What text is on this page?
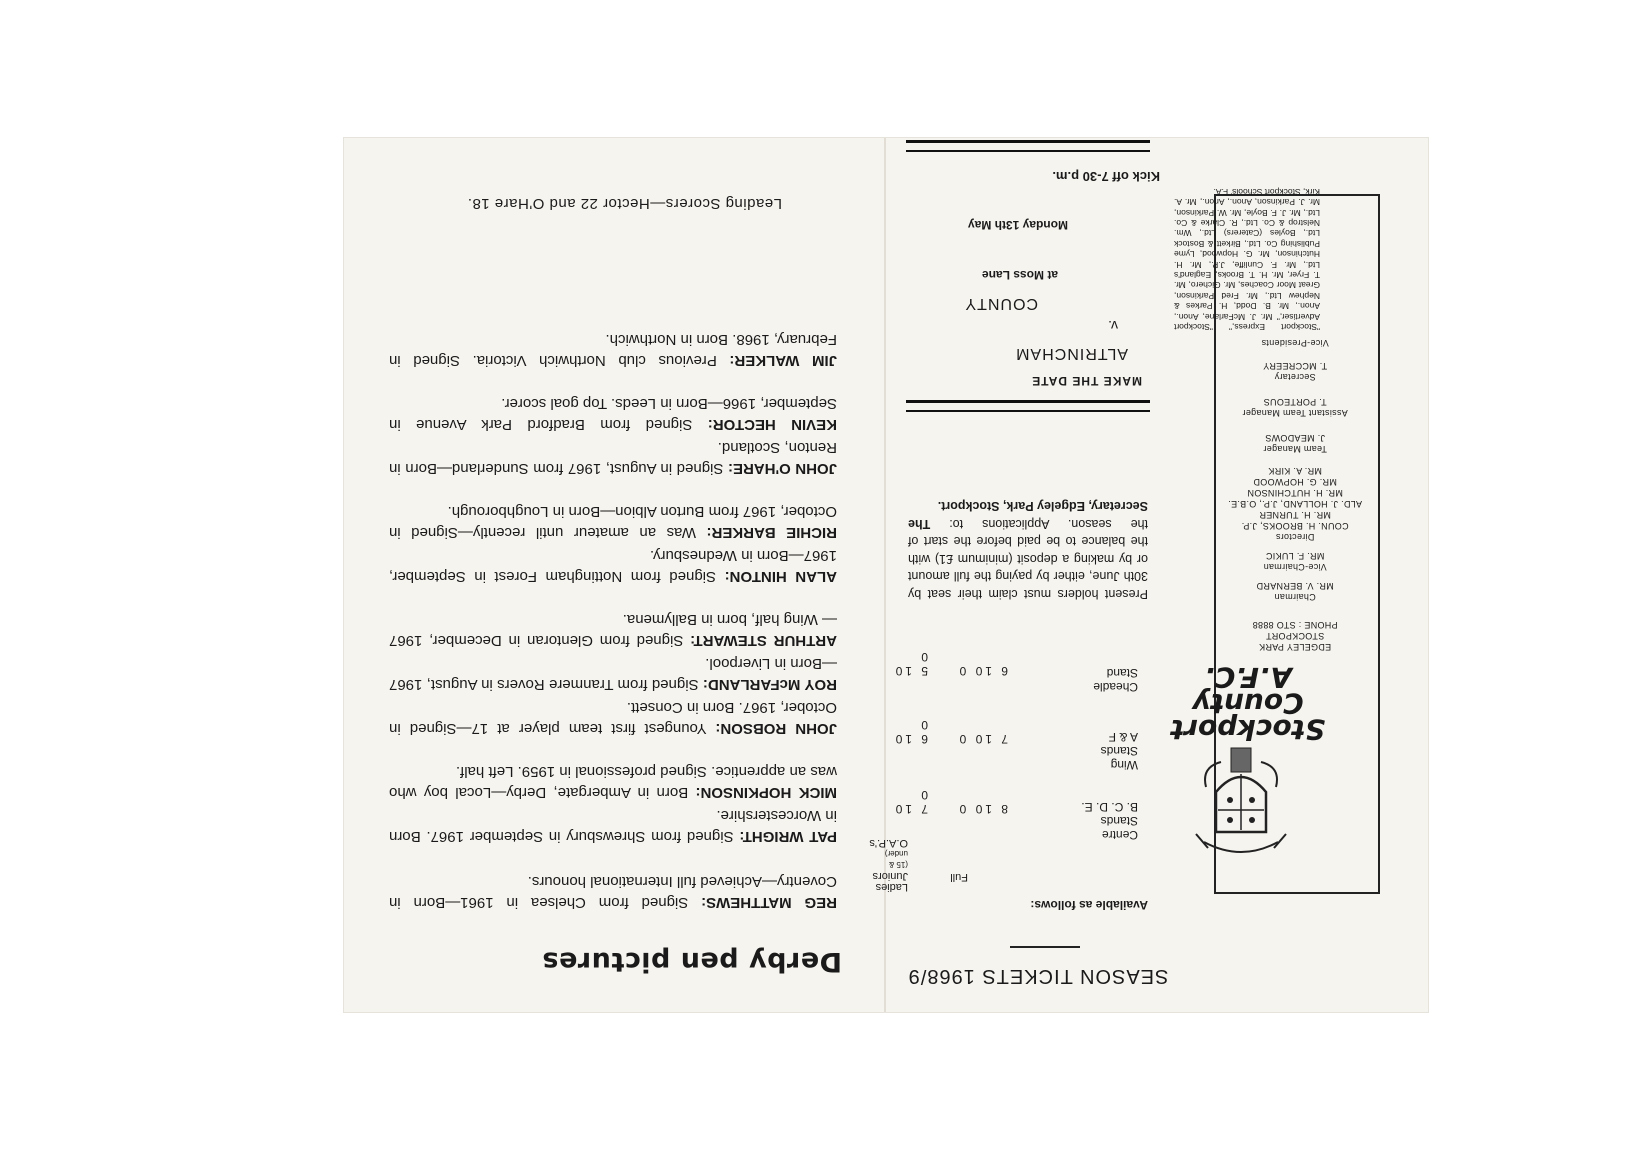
Stockport
County
A.F.C.
EDGELEY PARK
STOCKPORT
PHONE : STO 8888
Chairman
MR. V. BERNARD
Vice-Chairman
MR. F. LUKIC
Directors
COUN. H. BROOKS, J.P.
MR. H. TURNER
ALD. J. HOLLAND, J.P., O.B.E.
MR. H. HUTCHINSON
MR. G. HOPWOOD
MR. A. KIRK
Team Manager
J. MEADOWS
Assistant Team Manager
T. PORTEOUS
Secretary
T. MCCREERY
Vice-Presidents
"Stockport Express," "Stockport Advertiser," Mr. J. McFarlane, Anon., Anon., Mr. B. Dodd, H. Parkes & Nephew Ltd., Mr. Fred Parkinson, Great Moor Coaches, Mr. Gichero, Mr. T. Fryer, Mr. H. T. Brooks, Eagland's Ltd., Mr. F. Cunliffe, J.P., Mr. H. Hutchinson, Mr. G. Hopwood, Lyme Publishing Co. Ltd., Birkett & Bostock Ltd., Boyles (Caterers) Ltd., Wm. Nelstrop & Co. Ltd., R. Clarke & Co. Ltd., Mr. J. F. Boyle, Mr. W. Parkinson, Mr. J. Parkinson, Anon., Anon., Mr. A. Kirk, Stockport Schools' F.A.
SEASON TICKETS 1968/9
Available as follows:
Full
Ladies
Juniors
(15 & under)
O.A.P.'s
Centre
Stands
B. C. D. E.
8 10 0
7 10 0
Wing
Stands
A & F
7 10 0
6 10 0
Cheadle
Stand
6 10 0
5 10 0
Present holders must claim their seat by 30th June, either by paying the full amount or by making a deposit (minimum £1) with the balance to be paid before the start of the season. Applications to: The Secretary, Edgeley Park, Stockport.
MAKE THE DATE
ALTRINCHAM
v.
COUNTY
at Moss Lane
Monday 13th May
Kick off 7-30 p.m.
Derby pen pictures
REG MATTHEWS: Signed from Chelsea in 1961—Born in Coventry—Achieved full International honours.
PAT WRIGHT: Signed from Shrewsbury in September 1967. Born in Worcestershire.
MICK HOPKINSON: Born in Ambergate, Derby—Local boy who was an apprentice. Signed professional in 1959. Left half.
JOHN ROBSON: Youngest first team player at 17—Signed in October, 1967. Born in Consett.
ROY McFARLAND: Signed from Tranmere Rovers in August, 1967—Born in Liverpool.
ARTHUR STEWART: Signed from Glentoran in December, 1967 — Wing half, born in Ballymena.
ALAN HINTON: Signed from Nottingham Forest in September, 1967—Born in Wednesbury.
RICHIE BARKER: Was an amateur until recently—Signed in October, 1967 from Burton Albion—Born in Loughborough.
JOHN O'HARE: Signed in August, 1967 from Sunderland—Born in Renton, Scotland.
KEVIN HECTOR: Signed from Bradford Park Avenue in September, 1966—Born in Leeds. Top goal scorer.
JIM WALKER: Previous club Northwich Victoria. Signed in February, 1968. Born in Northwich.
Leading Scorers—Hector 22 and O'Hare 18.
